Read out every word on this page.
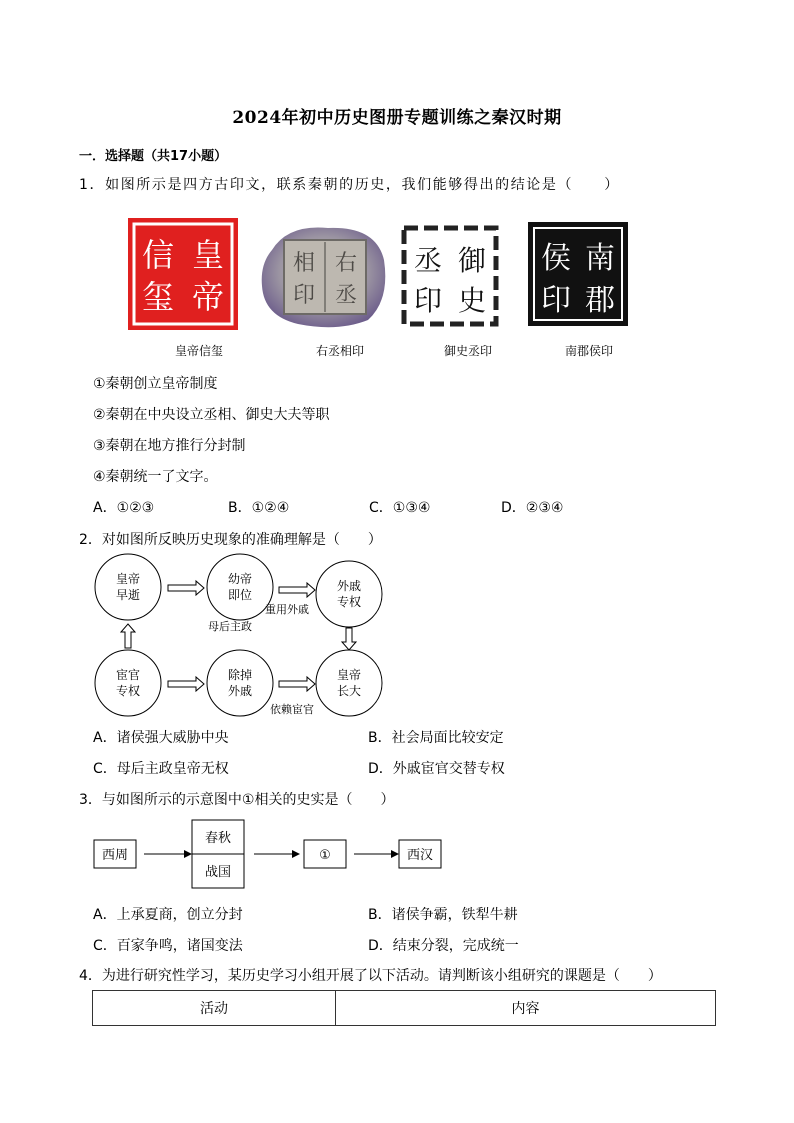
2024年初中历史图册专题训练之秦汉时期
一．选择题（共17小题）
1．如图所示是四方古印文，联系秦朝的历史，我们能够得出的结论是（　　）
皇
帝
信
玺
右
丞
相
印
御
史
丞
印
南
郡
侯
印
皇帝信玺	右丞相印	御史丞印	南郡侯印
①秦朝创立皇帝制度
②秦朝在中央设立丞相、御史大夫等职
③秦朝在地方推行分封制
④秦朝统一了文字。
A．①②③	B．①②④	C．①③④	D．②③④
2．对如图所反映历史现象的准确理解是（　　）
皇帝
早逝
幼帝
即位
外戚
专权
宦官
专权
除掉
外戚
皇帝
长大
重用外戚
母后主政
依赖宦官
A．诸侯强大威胁中央	B．社会局面比较安定
C．母后主政皇帝无权	D．外戚宦官交替专权
3．与如图所示的示意图中①相关的史实是（　　）
西周
春秋
战国
①	西汉
A．上承夏商，创立分封	B．诸侯争霸，铁犁牛耕
C．百家争鸣，诸国变法	D．结束分裂，完成统一
4．为进行研究性学习，某历史学习小组开展了以下活动。请判断该小组研究的课题是（　　）
活动	内容
